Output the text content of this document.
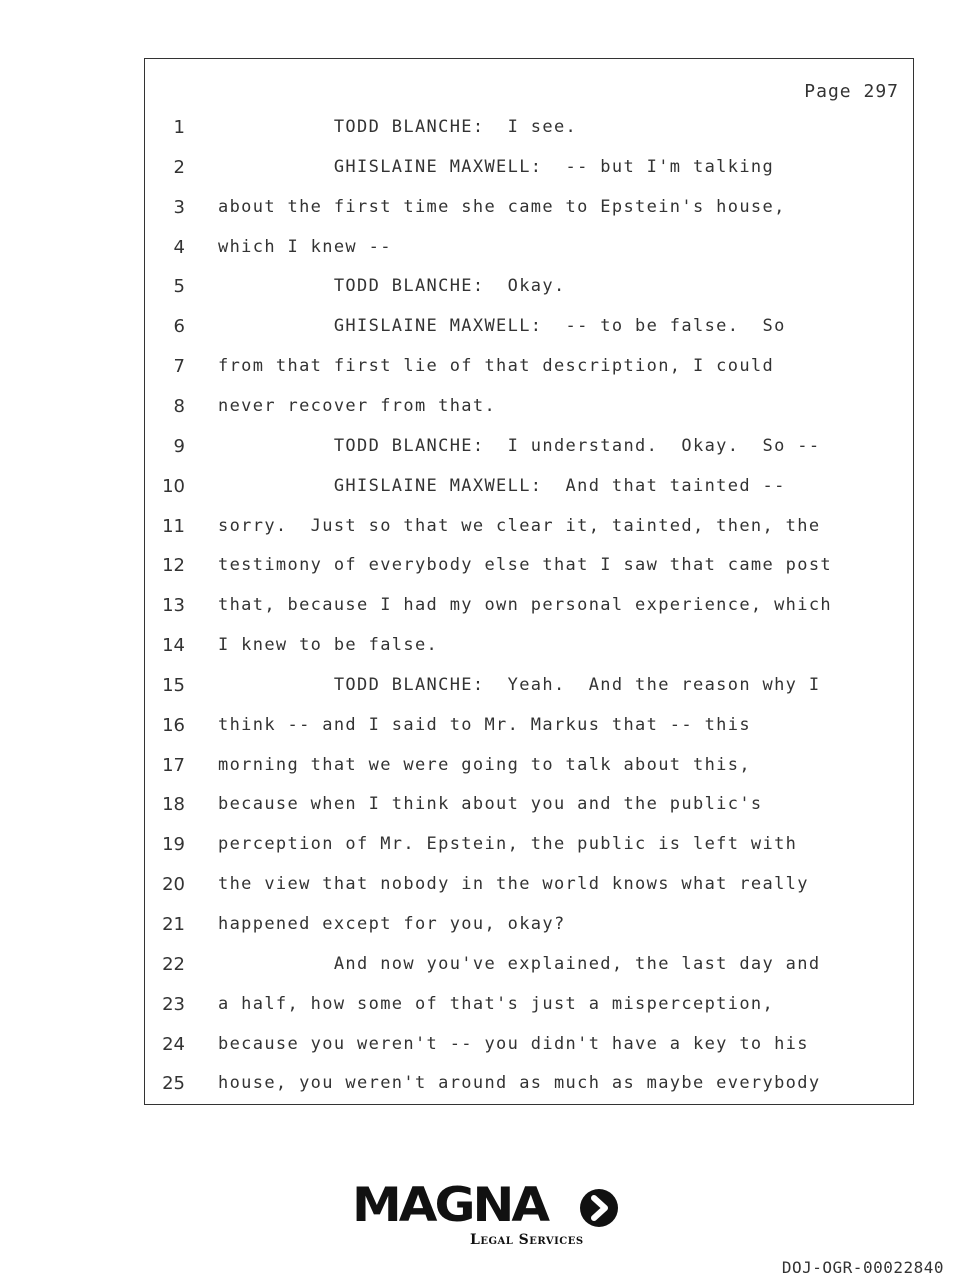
Page 297
1 TODD BLANCHE:  I see.
2 GHISLAINE MAXWELL:  -- but I'm talking
3 about the first time she came to Epstein's house,
4 which I knew --
5 TODD BLANCHE:  Okay.
6 GHISLAINE MAXWELL:  -- to be false.  So
7 from that first lie of that description, I could
8 never recover from that.
9 TODD BLANCHE:  I understand.  Okay.  So --
10 GHISLAINE MAXWELL:  And that tainted --
11 sorry.  Just so that we clear it, tainted, then, the
12 testimony of everybody else that I saw that came post
13 that, because I had my own personal experience, which
14 I knew to be false.
15 TODD BLANCHE:  Yeah.  And the reason why I
16 think -- and I said to Mr. Markus that -- this
17 morning that we were going to talk about this,
18 because when I think about you and the public's
19 perception of Mr. Epstein, the public is left with
20 the view that nobody in the world knows what really
21 happened except for you, okay?
22 And now you've explained, the last day and
23 a half, how some of that's just a misperception,
24 because you weren't -- you didn't have a key to his
25 house, you weren't around as much as maybe everybody
MAGNA
Legal Services
DOJ-OGR-00022840
